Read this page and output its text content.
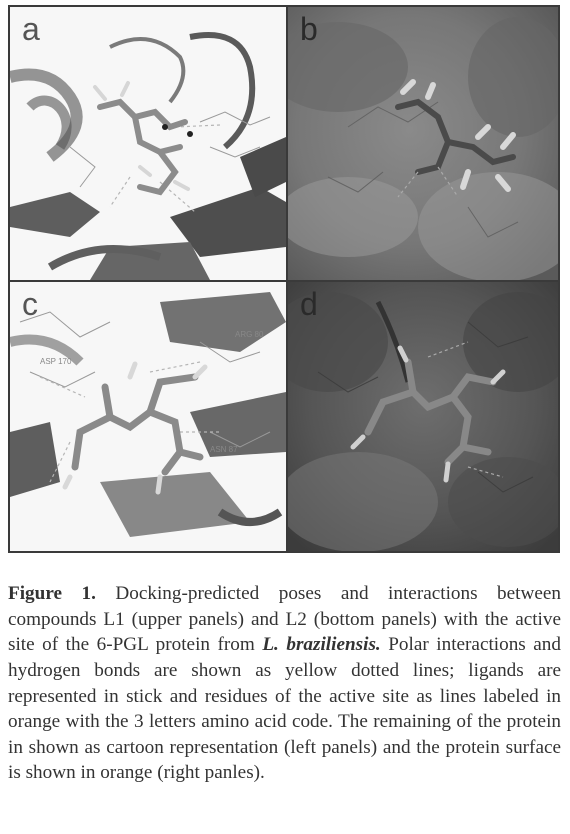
a	b
ASN 87
ASP 170
ARG 80
c	d

Figure 1. Docking-predicted poses and interactions between compounds L1 (upper panels) and L2 (bottom panels) with the active site of the 6-PGL protein from L. braziliensis. Polar interactions and hydrogen bonds are shown as yellow dotted lines; ligands are represented in stick and residues of the active site as lines labeled in orange with the 3 letters amino acid code. The remaining of the protein in shown as cartoon representation (left panels) and the protein surface is shown in orange (right panles).
